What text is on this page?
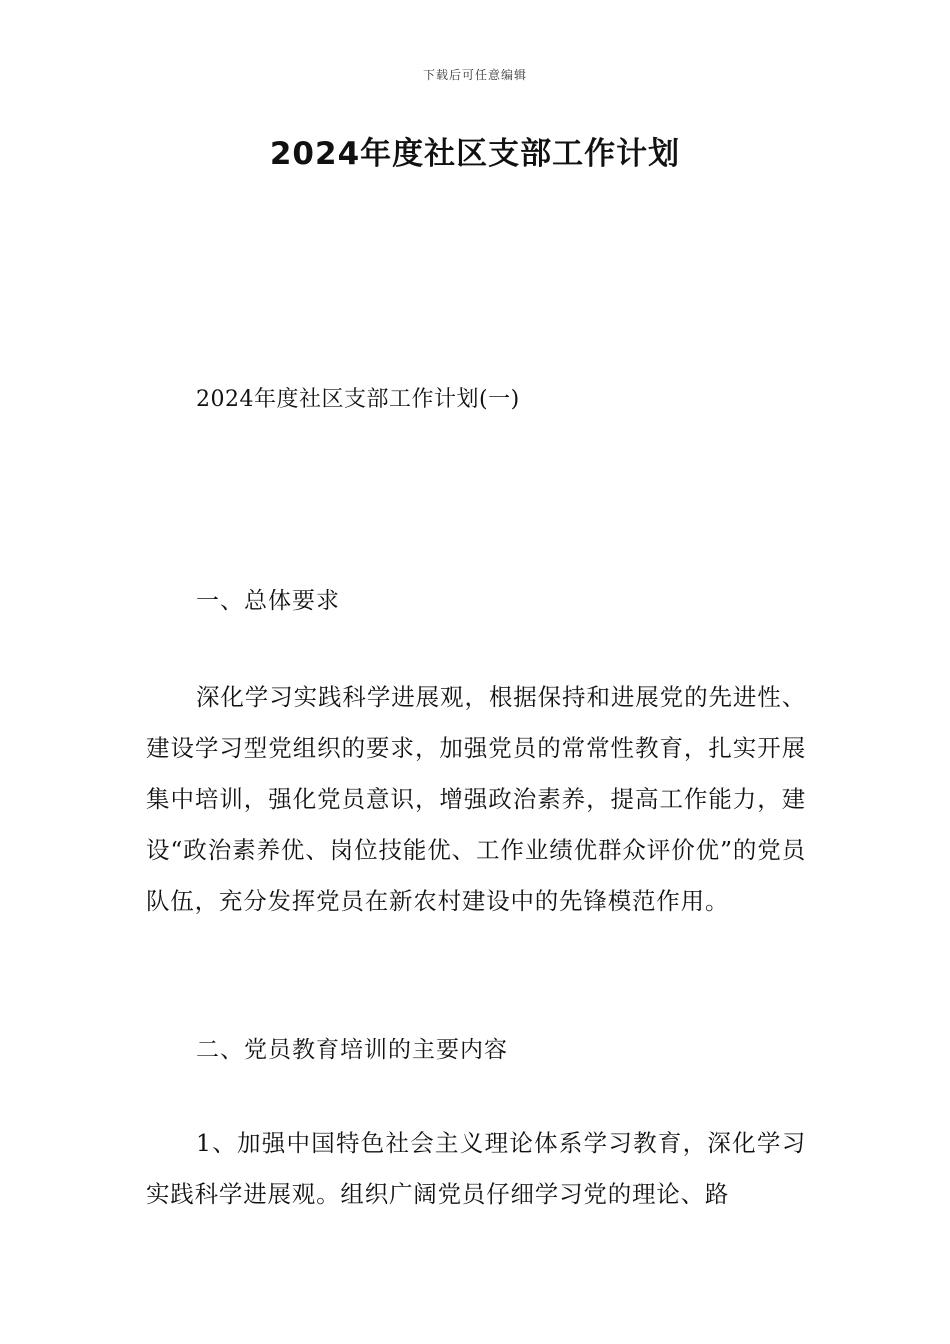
下载后可任意编辑
2024年度社区支部工作计划
2024年度社区支部工作计划(一)
一、总体要求

深化学习实践科学进展观，根据保持和进展党的先进性、建设学习型党组织的要求，加强党员的常常性教育，扎实开展集中培训，强化党员意识，增强政治素养，提高工作能力，建设“政治素养优、岗位技能优、工作业绩优群众评价优”的党员队伍，充分发挥党员在新农村建设中的先锋模范作用。

二、党员教育培训的主要内容

1、加强中国特色社会主义理论体系学习教育，深化学习实践科学进展观。组织广阔党员仔细学习党的理论、路
